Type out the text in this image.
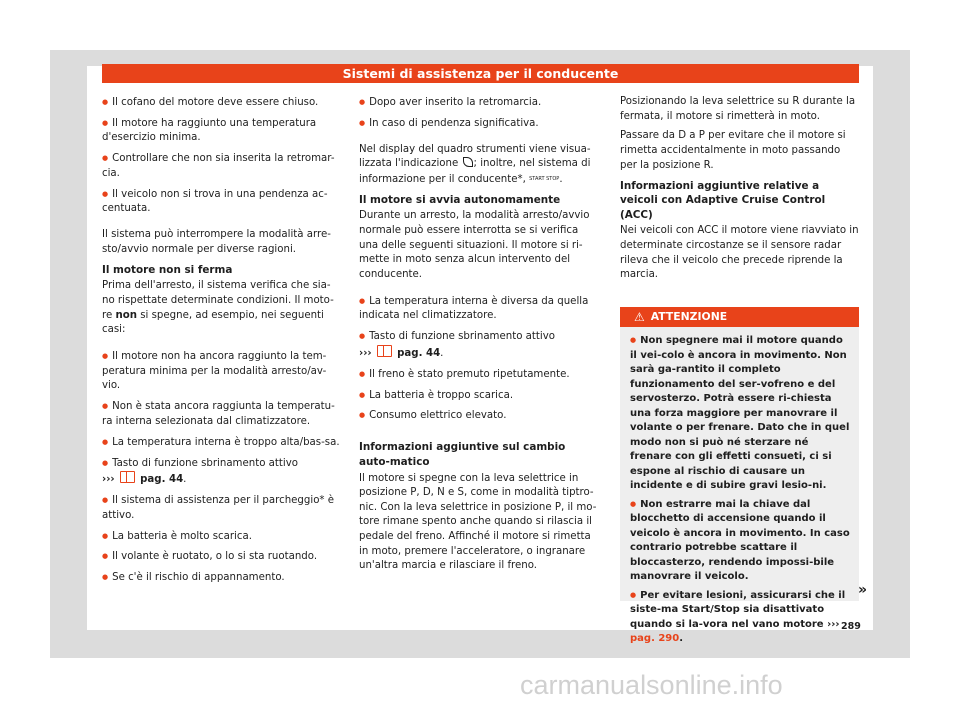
Sistemi di assistenza per il conducente

● Il cofano del motore deve essere chiuso.

● Il motore ha raggiunto una temperatura d'esercizio minima.

● Controllare che non sia inserita la retromar-cia.

● Il veicolo non si trova in una pendenza ac-centuata.

Il sistema può interrompere la modalità arre-sto/avvio normale per diverse ragioni.

Il motore non si ferma

Prima dell'arresto, il sistema verifica che sia-no rispettate determinate condizioni. Il moto-re non si spegne, ad esempio, nei seguenti casi:

● Il motore non ha ancora raggiunto la tem-peratura minima per la modalità arresto/av-vio.

● Non è stata ancora raggiunta la temperatu-ra interna selezionata dal climatizzatore.

● La temperatura interna è troppo alta/bas-sa.

● Tasto di funzione sbrinamento attivo
›››	pag. 44.

● Il sistema di assistenza per il parcheggio* è attivo.

● La batteria è molto scarica.

● Il volante è ruotato, o lo si sta ruotando.

● Se c'è il rischio di appannamento.

● Dopo aver inserito la retromarcia.

● In caso di pendenza significativa.

Nel display del quadro strumenti viene visua-lizzata l'indicazione ; inoltre, nel sistema di informazione per il conducente*, START STOP.

Il motore si avvia autonomamente

Durante un arresto, la modalità arresto/avvio normale può essere interrotta se si verifica una delle seguenti situazioni. Il motore si ri-mette in moto senza alcun intervento del conducente.

● La temperatura interna è diversa da quella indicata nel climatizzatore.

● Tasto di funzione sbrinamento attivo
›››	pag. 44.

● Il freno è stato premuto ripetutamente.

● La batteria è troppo scarica.

● Consumo elettrico elevato.

Informazioni aggiuntive sul cambio auto-matico

Il motore si spegne con la leva selettrice in posizione P, D, N e S, come in modalità tiptro-nic. Con la leva selettrice in posizione P, il mo-tore rimane spento anche quando si rilascia il pedale del freno. Affinché il motore si rimetta in moto, premere l'acceleratore, o ingranare un'altra marcia e rilasciare il freno.

Posizionando la leva selettrice su R durante la fermata, il motore si rimetterà in moto.

Passare da D a P per evitare che il motore si rimetta accidentalmente in moto passando per la posizione R.

Informazioni aggiuntive relative a veicoli con Adaptive Cruise Control (ACC)

Nei veicoli con ACC il motore viene riavviato in determinate circostanze se il sensore radar rileva che il veicolo che precede riprende la marcia.

⚠ ATTENZIONE

● Non spegnere mai il motore quando il vei-colo è ancora in movimento. Non sarà ga-rantito il completo funzionamento del ser-vofreno e del servosterzo. Potrà essere ri-chiesta una forza maggiore per manovrare il volante o per frenare. Dato che in quel modo non si può né sterzare né frenare con gli effetti consueti, ci si espone al rischio di causare un incidente e di subire gravi lesio-ni.

● Non estrarre mai la chiave dal blocchetto di accensione quando il veicolo è ancora in movimento. In caso contrario potrebbe scattare il bloccasterzo, rendendo impossi-bile manovrare il veicolo.

● Per evitare lesioni, assicurarsi che il siste-ma Start/Stop sia disattivato quando si la-vora nel vano motore ››› pag. 290.

»
289
carmanualsonline.info
